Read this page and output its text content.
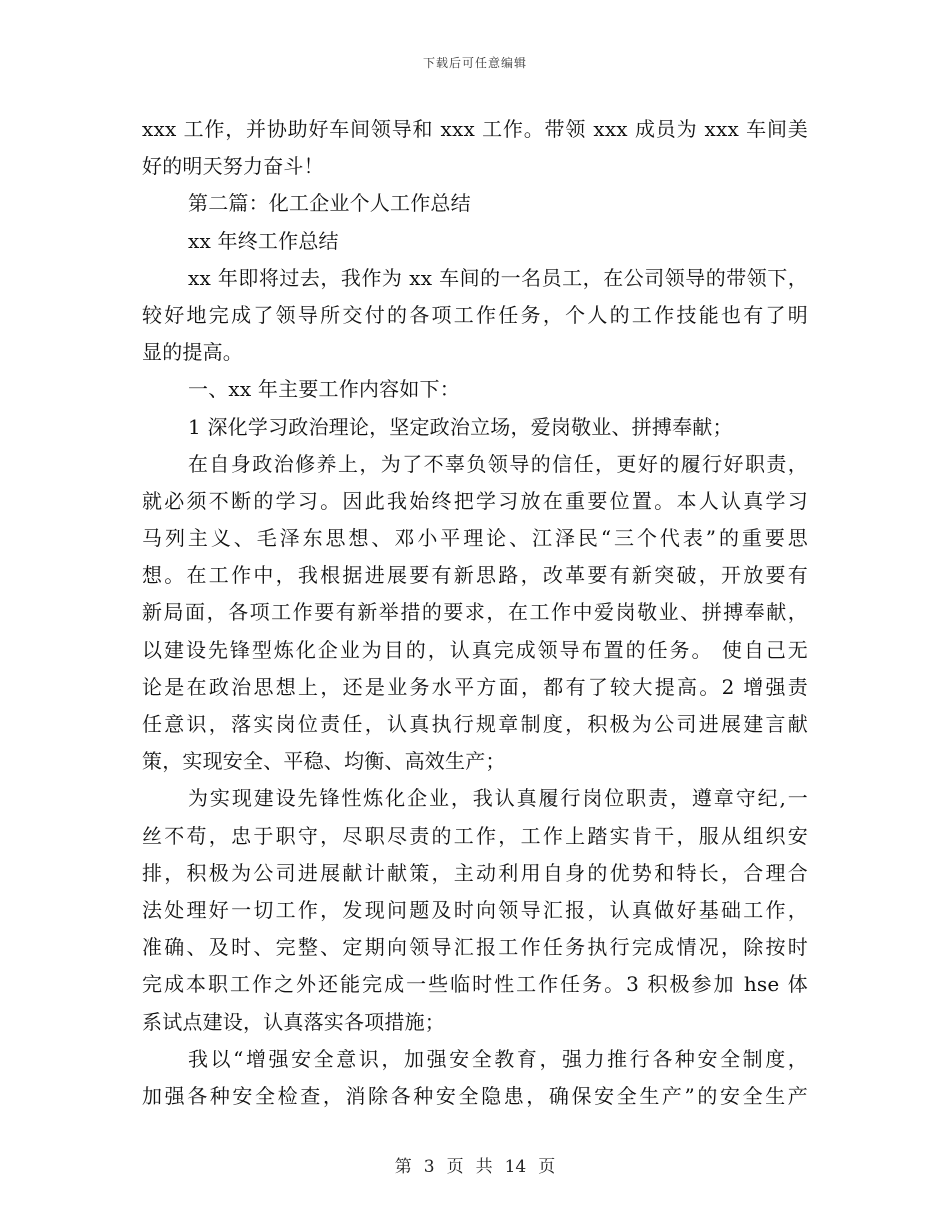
下载后可任意编辑
xxx 工作，并协助好车间领导和 xxx 工作。带领 xxx 成员为 xxx 车间美
好的明天努力奋斗！
第二篇：化工企业个人工作总结
xx 年终工作总结
xx 年即将过去，我作为 xx 车间的一名员工，在公司领导的带领下，
较好地完成了领导所交付的各项工作任务，个人的工作技能也有了明
显的提高。
一、xx 年主要工作内容如下：
1 深化学习政治理论，坚定政治立场，爱岗敬业、拼搏奉献；
在自身政治修养上，为了不辜负领导的信任，更好的履行好职责，
就必须不断的学习。因此我始终把学习放在重要位置。本人认真学习
马列主义、毛泽东思想、邓小平理论、江泽民“三个代表”的重要思
想。在工作中，我根据进展要有新思路，改革要有新突破，开放要有
新局面，各项工作要有新举措的要求，在工作中爱岗敬业、拼搏奉献，
以建设先锋型炼化企业为目的，认真完成领导布置的任务。 使自己无
论是在政治思想上，还是业务水平方面，都有了较大提高。2 增强责
任意识，落实岗位责任，认真执行规章制度，积极为公司进展建言献
策，实现安全、平稳、均衡、高效生产；
为实现建设先锋性炼化企业，我认真履行岗位职责，遵章守纪,一
丝不苟，忠于职守，尽职尽责的工作，工作上踏实肯干，服从组织安
排，积极为公司进展献计献策，主动利用自身的优势和特长，合理合
法处理好一切工作，发现问题及时向领导汇报，认真做好基础工作，
准确、及时、完整、定期向领导汇报工作任务执行完成情况，除按时
完成本职工作之外还能完成一些临时性工作任务。3 积极参加 hse 体
系试点建设，认真落实各项措施；
我以“增强安全意识，加强安全教育，强力推行各种安全制度，
加强各种安全检查，消除各种安全隐患，确保安全生产”的安全生产
第 3 页 共 14 页
